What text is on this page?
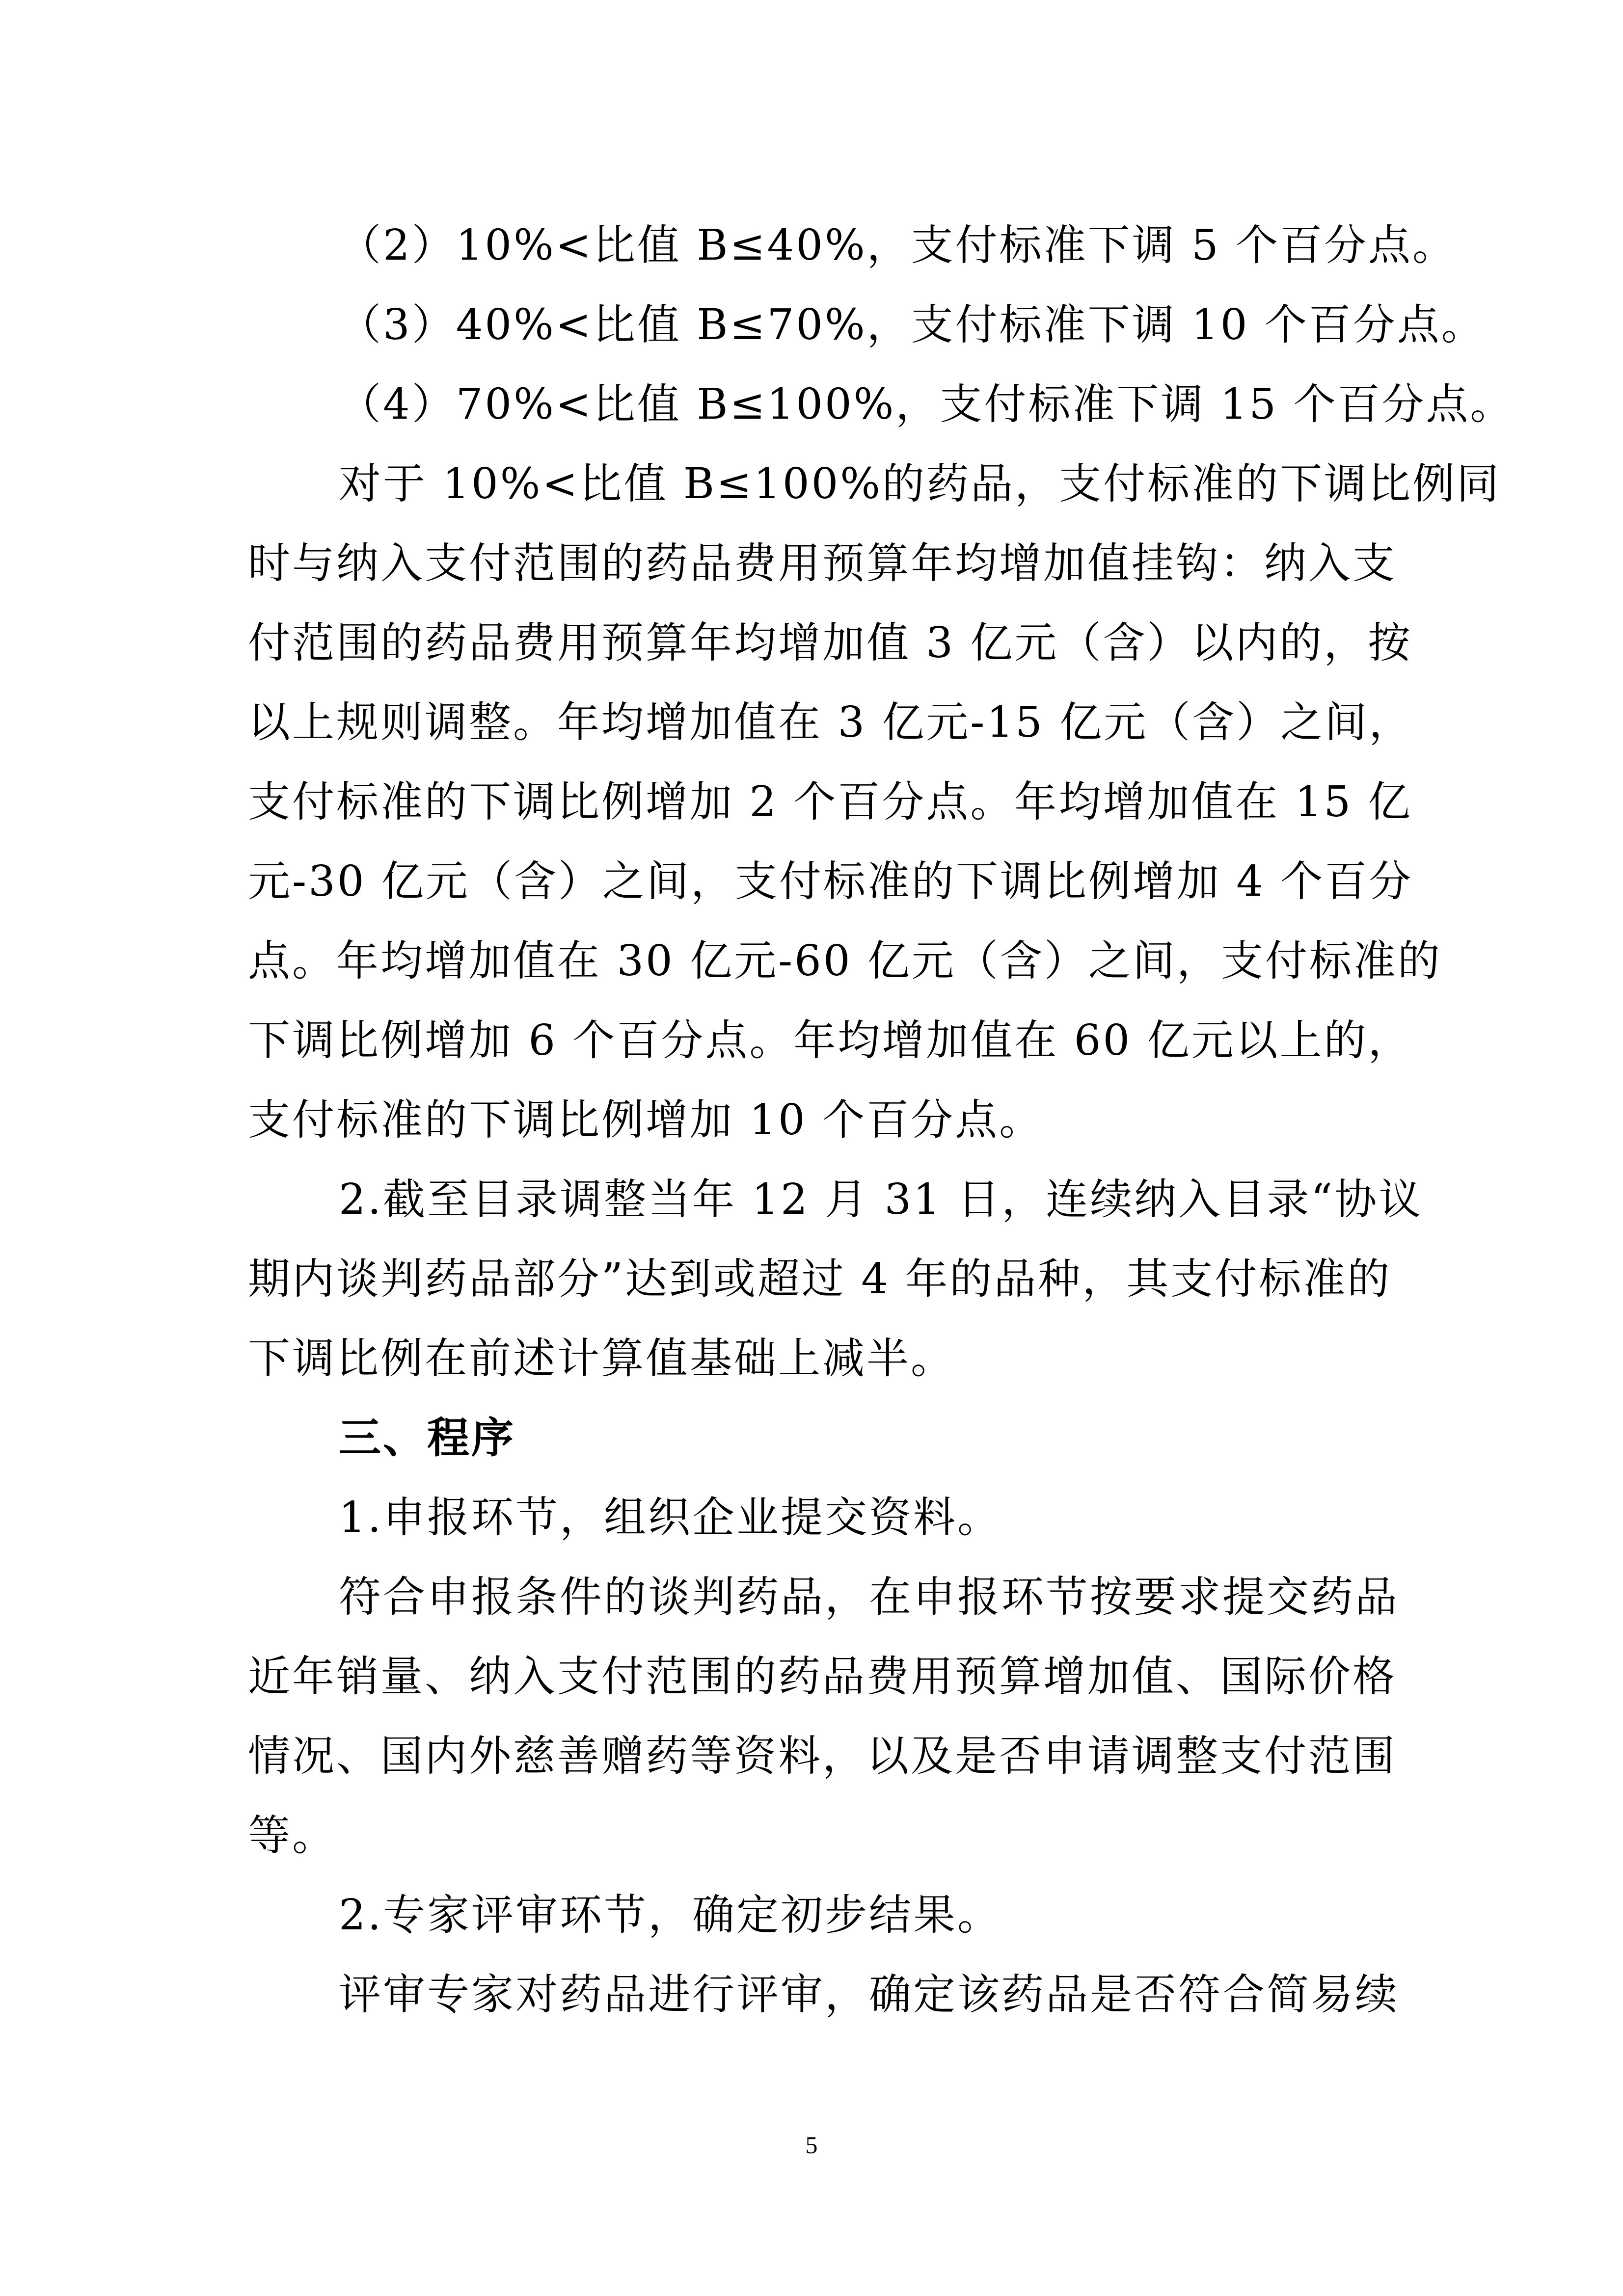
（2）10%<比值 B≤40%，支付标准下调 5 个百分点。
（3）40%<比值 B≤70%，支付标准下调 10 个百分点。
（4）70%<比值 B≤100%，支付标准下调 15 个百分点。
对于 10%<比值 B≤100%的药品，支付标准的下调比例同
时与纳入支付范围的药品费用预算年均增加值挂钩：纳入支
付范围的药品费用预算年均增加值 3 亿元（含）以内的，按
以上规则调整。年均增加值在 3 亿元-15 亿元（含）之间，
支付标准的下调比例增加 2 个百分点。年均增加值在 15 亿
元-30 亿元（含）之间，支付标准的下调比例增加 4 个百分
点。年均增加值在 30 亿元-60 亿元（含）之间，支付标准的
下调比例增加 6 个百分点。年均增加值在 60 亿元以上的，
支付标准的下调比例增加 10 个百分点。
2.截至目录调整当年 12 月 31 日，连续纳入目录“协议
期内谈判药品部分”达到或超过 4 年的品种，其支付标准的
下调比例在前述计算值基础上减半。
三、程序
1.申报环节，组织企业提交资料。
符合申报条件的谈判药品，在申报环节按要求提交药品
近年销量、纳入支付范围的药品费用预算增加值、国际价格
情况、国内外慈善赠药等资料，以及是否申请调整支付范围
等。
2.专家评审环节，确定初步结果。
评审专家对药品进行评审，确定该药品是否符合简易续
5
